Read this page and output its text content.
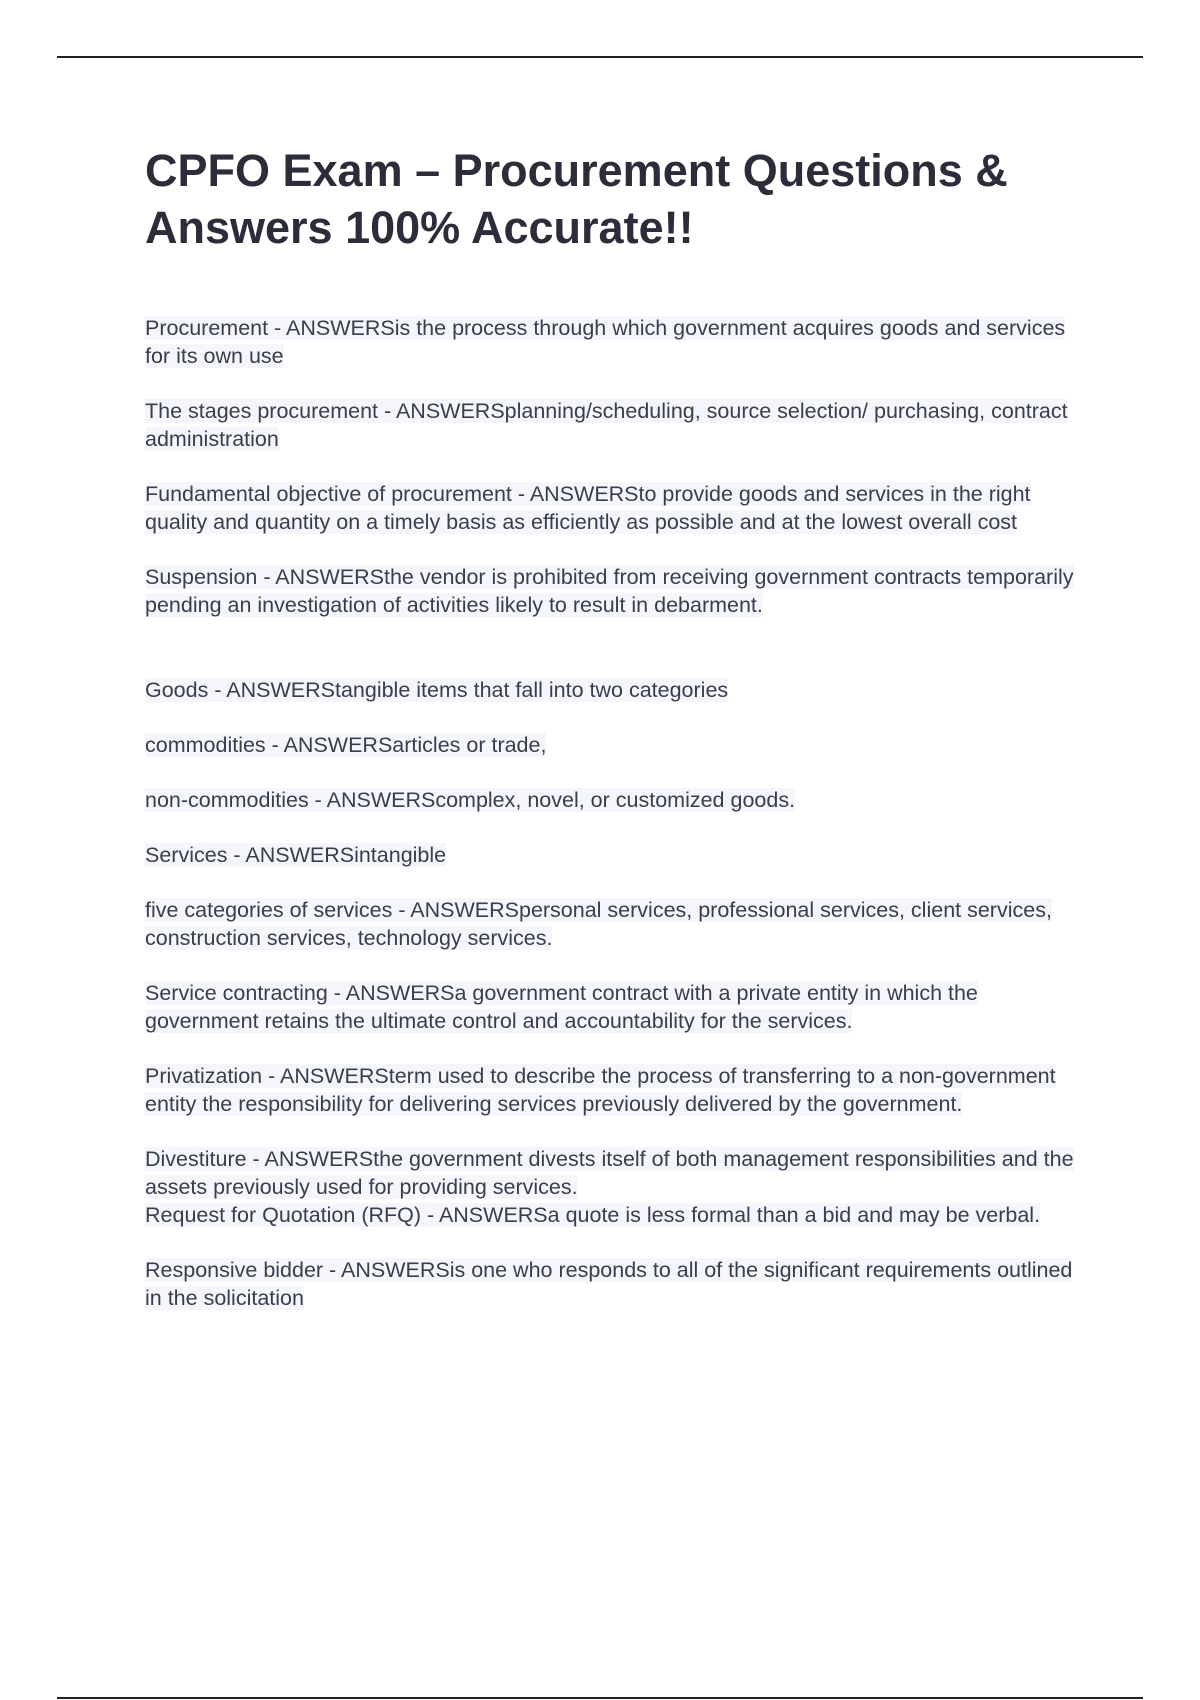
CPFO Exam – Procurement Questions & Answers 100% Accurate!!

Procurement - ANSWERSis the process through which government acquires goods and services for its own use

The stages procurement - ANSWERSplanning/scheduling, source selection/ purchasing, contract administration

Fundamental objective of procurement - ANSWERSto provide goods and services in the right quality and quantity on a timely basis as efficiently as possible and at the lowest overall cost

Suspension - ANSWERSthe vendor is prohibited from receiving government contracts temporarily pending an investigation of activities likely to result in debarment.

Goods - ANSWERStangible items that fall into two categories

commodities - ANSWERSarticles or trade,

non-commodities - ANSWERScomplex, novel, or customized goods.

Services - ANSWERSintangible

five categories of services - ANSWERSpersonal services, professional services, client services, construction services, technology services.

Service contracting - ANSWERSa government contract with a private entity in which the government retains the ultimate control and accountability for the services.

Privatization - ANSWERSterm used to describe the process of transferring to a non-government entity the responsibility for delivering services previously delivered by the government.

Divestiture - ANSWERSthe government divests itself of both management responsibilities and the assets previously used for providing services.

Request for Quotation (RFQ) - ANSWERSa quote is less formal than a bid and may be verbal.

Responsive bidder - ANSWERSis one who responds to all of the significant requirements outlined in the solicitation
